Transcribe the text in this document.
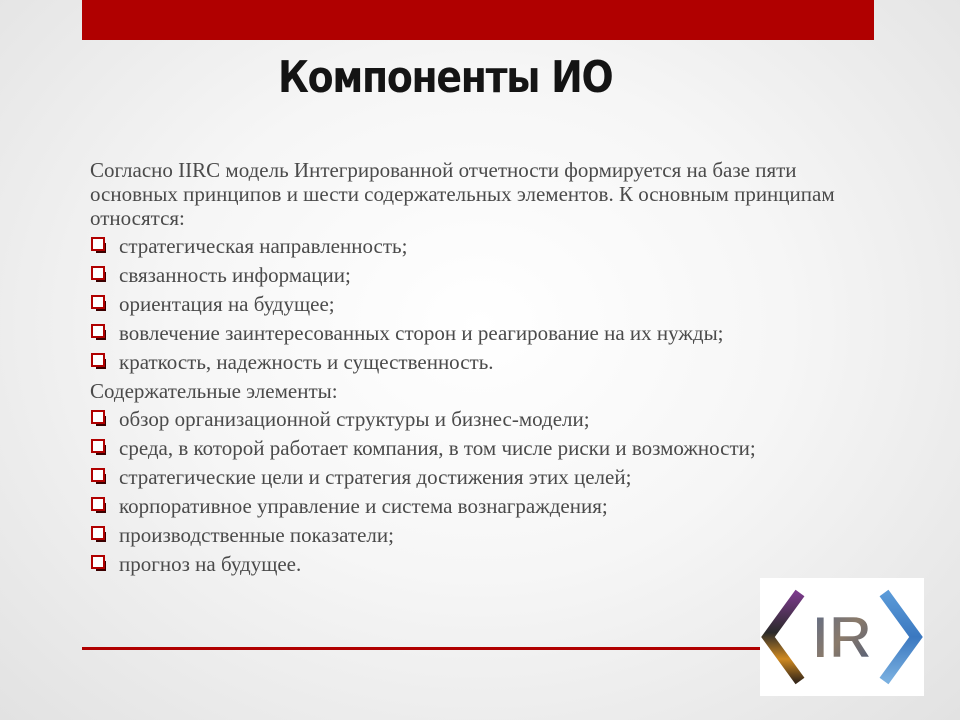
Компоненты ИО

Согласно IIRC модель Интегрированной отчетности формируется на базе пяти основных принципов и шести содержательных элементов. К основным принципам относятся:

стратегическая направленность;
связанность информации;
ориентация на будущее;
вовлечение заинтересованных сторон и реагирование на их нужды;
краткость, надежность и существенность.

Содержательные элементы:

обзор организационной структуры и бизнес-модели;
среда, в которой работает компания, в том числе риски и возможности;
стратегические цели и стратегия достижения этих целей;
корпоративное управление и система вознаграждения;
производственные показатели;
прогноз на будущее.
IR
